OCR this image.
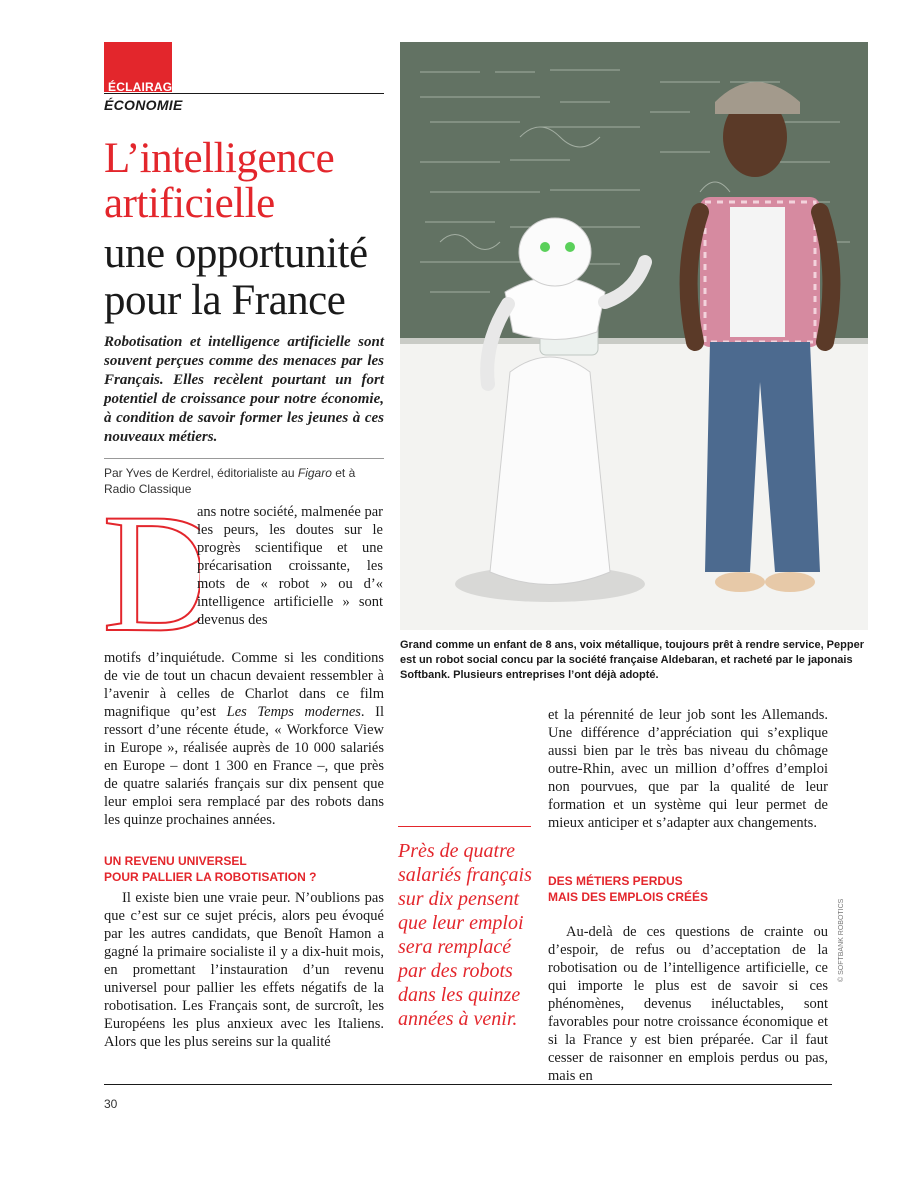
ÉCLAIRAGES
ÉCONOMIE
L’intelligence
artificielle
une opportunité
pour la France
Robotisation et intelligence artificielle sont souvent perçues comme des menaces par les Français. Elles recèlent pourtant un fort potentiel de croissance pour notre économie, à condition de savoir former les jeunes à ces nouveaux métiers.
Par Yves de Kerdrel, éditorialiste au Figaro et à Radio Classique
Grand comme un enfant de 8 ans, voix métallique, toujours prêt à rendre service, Pepper est un robot social concu par la société française Aldebaran, et racheté par le japonais Softbank. Plusieurs entreprises l’ont déjà adopté.
© SOFTBANK ROBOTICS
D

ans notre société, malmenée par les peurs, les doutes sur le progrès scientifique et une précarisation croissante, les mots de « robot » ou d’« intelligence artificielle » sont devenus des

motifs d’inquiétude. Comme si les conditions de vie de tout un chacun devaient ressembler à l’avenir à celles de Charlot dans ce film magnifique qu’est Les Temps modernes. Il ressort d’une récente étude, « Workforce View in Europe », réalisée auprès de 10 000 salariés en Europe – dont 1 300 en France –, que près de quatre salariés français sur dix pensent que leur emploi sera remplacé par des robots dans les quinze prochaines années.

UN REVENU UNIVERSEL
POUR PALLIER LA ROBOTISATION ?

Il existe bien une vraie peur. N’oublions pas que c’est sur ce sujet précis, alors peu évoqué par les autres candidats, que Benoît Hamon a gagné la primaire socialiste il y a dix-huit mois, en promettant l’instauration d’un revenu universel pour pallier les effets négatifs de la robotisation. Les Français sont, de surcroît, les Européens les plus anxieux avec les Italiens. Alors que les plus sereins sur la qualité

Près de quatre salariés français sur dix pensent que leur emploi sera remplacé par des robots dans les quinze années à venir.

et la pérennité de leur job sont les Allemands. Une différence d’appréciation qui s’explique aussi bien par le très bas niveau du chômage outre-Rhin, avec un million d’offres d’emploi non pourvues, que par la qualité de leur formation et un système qui leur permet de mieux anticiper et s’adapter aux changements.

DES MÉTIERS PERDUS
MAIS DES EMPLOIS CRÉÉS

Au-delà de ces questions de crainte ou d’espoir, de refus ou d’acceptation de la robotisation ou de l’intelligence artificielle, ce qui importe le plus est de savoir si ces phénomènes, devenus inéluctables, sont favorables pour notre croissance économique et si la France y est bien préparée. Car il faut cesser de raisonner en emplois perdus ou pas, mais en

30
